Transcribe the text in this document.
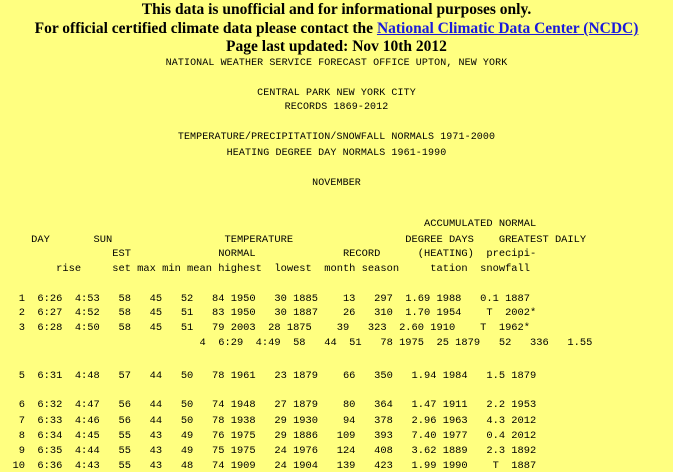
This data is unofficial and for informational purposes only.
For official certified climate data please contact the National Climatic Data Center (NCDC)
Page last updated: Nov 10th 2012
NATIONAL WEATHER SERVICE FORECAST OFFICE UPTON, NEW YORK
CENTRAL PARK NEW YORK CITY
RECORDS 1869-2012
TEMPERATURE/PRECIPITATION/SNOWFALL NORMALS 1971-2000
HEATING DEGREE DAY NORMALS 1961-1990
NOVEMBER
ACCUMULATED NORMAL
DAY       SUN                  TEMPERATURE                  DEGREE DAYS    GREATEST DAILY
EST              NORMAL              RECORD      (HEATING)  precipi-
rise     set max min mean highest  lowest  month season     tation  snowfall
1  6:26  4:53   58   45   52   84 1950   30 1885    13   297  1.69 1988   0.1 1887
2  6:27  4:52   58   45   51   83 1950   30 1887    26   310  1.70 1954    T  2002*
3  6:28  4:50   58   45   51   79 2003  28 1875    39   323  2.60 1910    T  1962*
4  6:29  4:49  58   44  51   78 1975  25 1879   52   336   1.55
5  6:31  4:48   57   44   50   78 1961   23 1879    66   350   1.94 1984   1.5 1879
6  6:32  4:47   56   44   50   74 1948   27 1879    80   364   1.47 1911   2.2 1953
7  6:33  4:46   56   44   50   78 1938   29 1930    94   378   2.96 1963   4.3 2012
8  6:34  4:45   55   43   49   76 1975   29 1886   109   393   7.40 1977   0.4 2012
9  6:35  4:44   55   43   49   75 1975   24 1976   124   408   3.62 1889   2.3 1892
10  6:36  4:43   55   43   48   74 1909   24 1904   139   423   1.99 1990    T  1887
